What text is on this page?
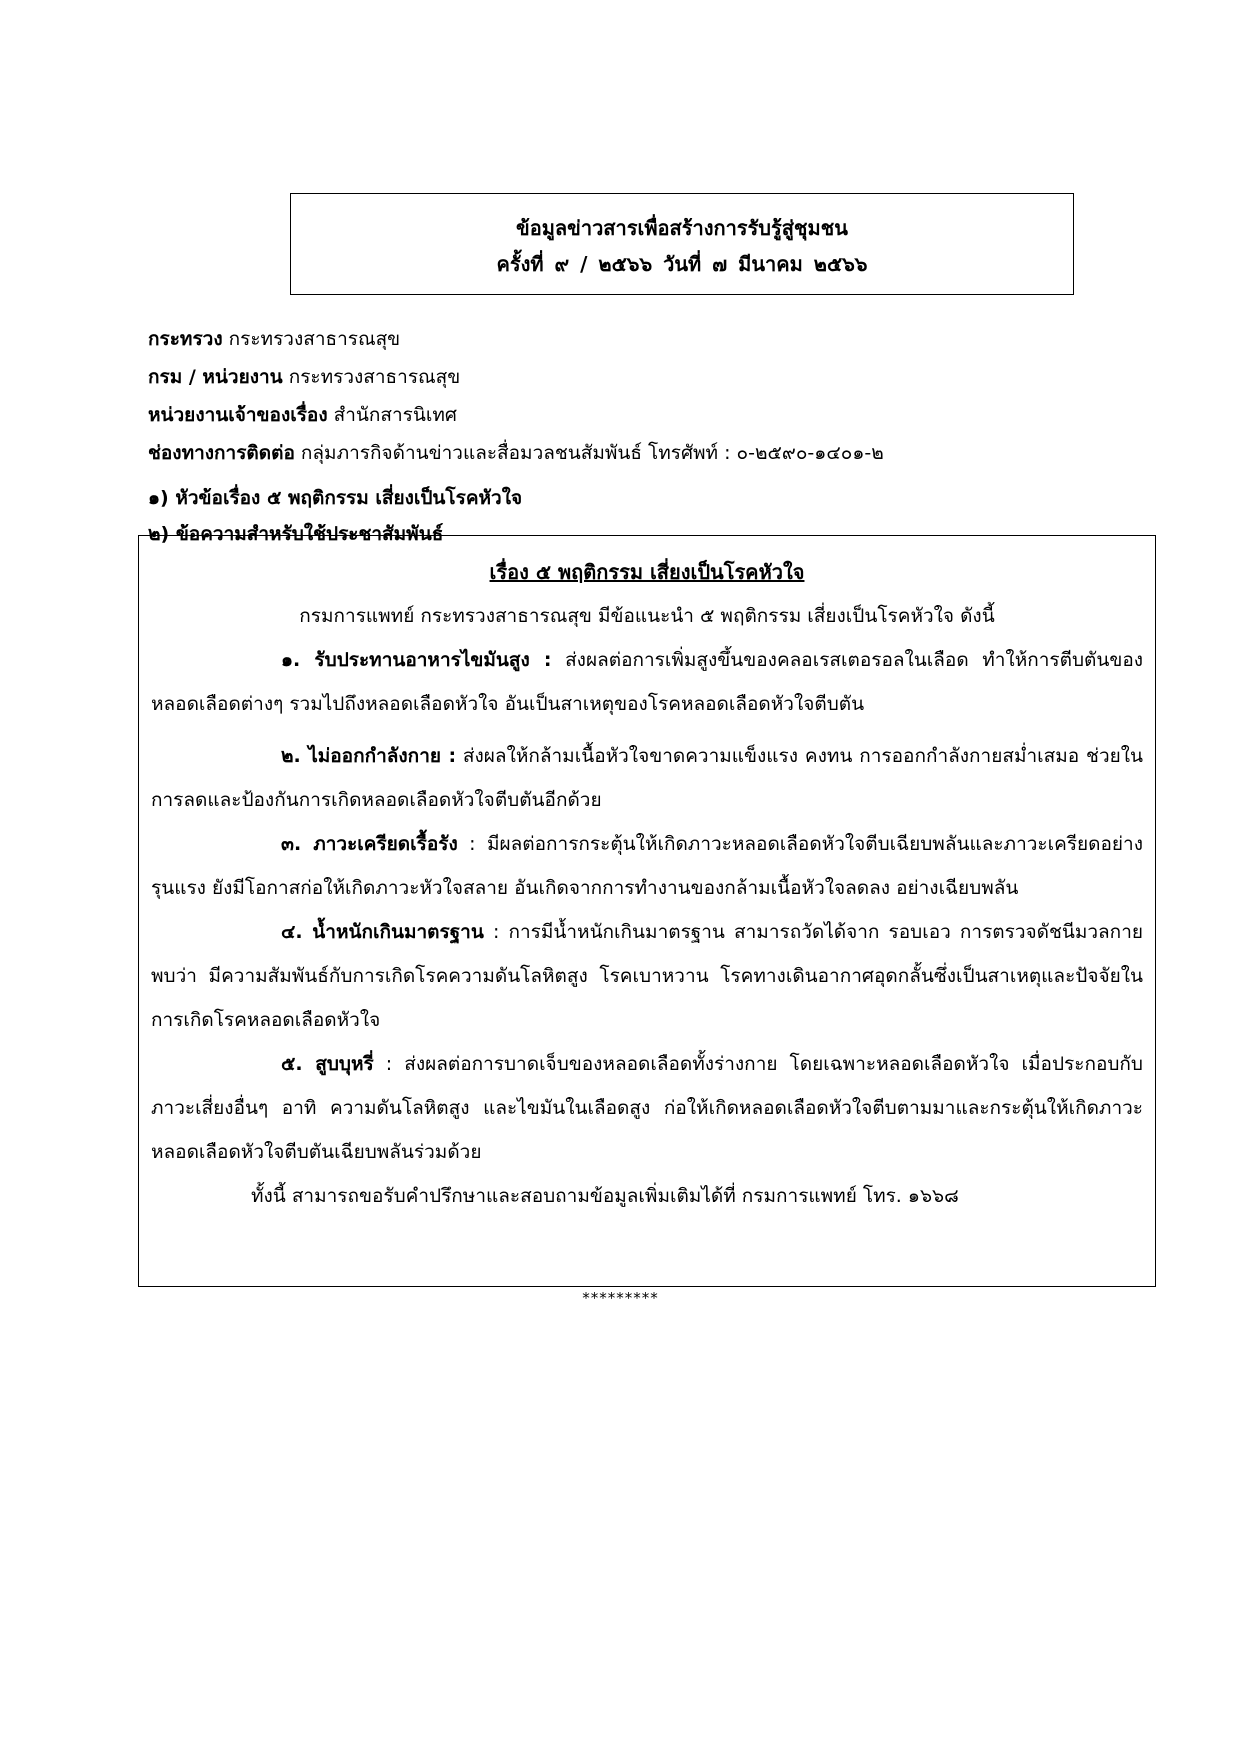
ข้อมูลข่าวสารเพื่อสร้างการรับรู้สู่ชุมชน
ครั้งที่ ๙ / ๒๕๖๖ วันที่ ๗ มีนาคม ๒๕๖๖
กระทรวง กระทรวงสาธารณสุข
กรม / หน่วยงาน กระทรวงสาธารณสุข
หน่วยงานเจ้าของเรื่อง สำนักสารนิเทศ
ช่องทางการติดต่อ กลุ่มภารกิจด้านข่าวและสื่อมวลชนสัมพันธ์ โทรศัพท์ : ๐-๒๕๙๐-๑๔๐๑-๒
๑) หัวข้อเรื่อง ๕ พฤติกรรม เสี่ยงเป็นโรคหัวใจ
๒) ข้อความสำหรับใช้ประชาสัมพันธ์
เรื่อง ๕ พฤติกรรม เสี่ยงเป็นโรคหัวใจ
กรมการแพทย์ กระทรวงสาธารณสุข มีข้อแนะนำ ๕ พฤติกรรม เสี่ยงเป็นโรคหัวใจ ดังนี้

๑. รับประทานอาหารไขมันสูง : ส่งผลต่อการเพิ่มสูงขึ้นของคลอเรสเตอรอลในเลือด ทำให้การตีบตันของหลอดเลือดต่างๆ รวมไปถึงหลอดเลือดหัวใจ อันเป็นสาเหตุของโรคหลอดเลือดหัวใจตีบตัน

๒. ไม่ออกกำลังกาย : ส่งผลให้กล้ามเนื้อหัวใจขาดความแข็งแรง คงทน การออกกำลังกายสม่ำเสมอ ช่วยในการลดและป้องกันการเกิดหลอดเลือดหัวใจตีบตันอีกด้วย

๓. ภาวะเครียดเรื้อรัง : มีผลต่อการกระตุ้นให้เกิดภาวะหลอดเลือดหัวใจตีบเฉียบพลันและภาวะเครียดอย่างรุนแรง ยังมีโอกาสก่อให้เกิดภาวะหัวใจสลาย อันเกิดจากการทำงานของกล้ามเนื้อหัวใจลดลง อย่างเฉียบพลัน

๔. น้ำหนักเกินมาตรฐาน : การมีน้ำหนักเกินมาตรฐาน สามารถวัดได้จาก รอบเอว การตรวจดัชนีมวลกาย พบว่า มีความสัมพันธ์กับการเกิดโรคความดันโลหิตสูง โรคเบาหวาน โรคทางเดินอากาศอุดกลั้นซึ่งเป็นสาเหตุและปัจจัยในการเกิดโรคหลอดเลือดหัวใจ

๕. สูบบุหรี่ : ส่งผลต่อการบาดเจ็บของหลอดเลือดทั้งร่างกาย โดยเฉพาะหลอดเลือดหัวใจ เมื่อประกอบกับภาวะเสี่ยงอื่นๆ อาทิ ความดันโลหิตสูง และไขมันในเลือดสูง ก่อให้เกิดหลอดเลือดหัวใจตีบตามมาและกระตุ้นให้เกิดภาวะหลอดเลือดหัวใจตีบตันเฉียบพลันร่วมด้วย

ทั้งนี้ สามารถขอรับคำปรึกษาและสอบถามข้อมูลเพิ่มเติมได้ที่ กรมการแพทย์ โทร. ๑๖๖๘

*********
